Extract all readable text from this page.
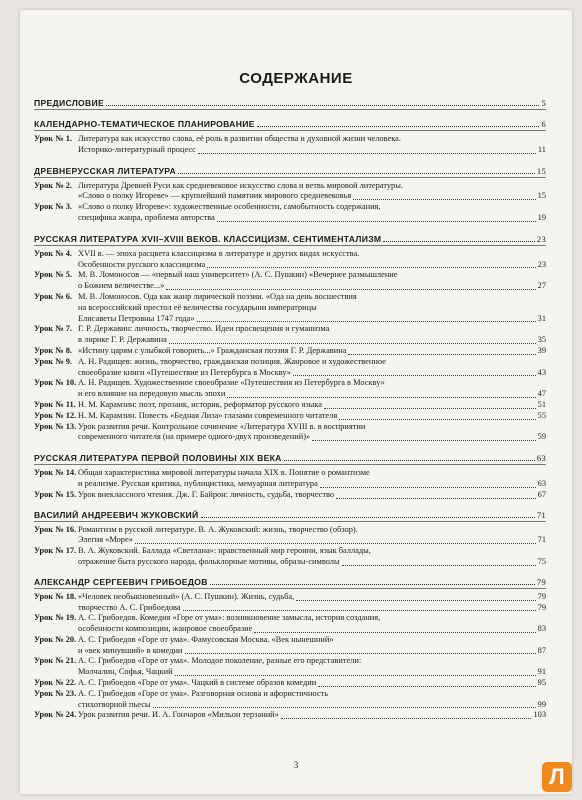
СОДЕРЖАНИЕ
ПРЕДИСЛОВИЕ	5
КАЛЕНДАРНО-ТЕМАТИЧЕСКОЕ ПЛАНИРОВАНИЕ	6
Урок № 1. Литература как искусство слова, её роль в развитии общества и духовной жизни человека.
Историко-литературный процесс	11
ДРЕВНЕРУССКАЯ ЛИТЕРАТУРА	15
Урок № 2. Литература Древней Руси как средневековое искусство слова и ветвь мировой литературы.
«Слово о полку Игореве» — крупнейший памятник мирового средневековья	15
Урок № 3. «Слово о полку Игореве»: художественные особенности, самобытность содержания,
специфика жанра, проблема авторства	19
РУССКАЯ ЛИТЕРАТУРА XVII–XVIII ВЕКОВ. КЛАССИЦИЗМ. СЕНТИМЕНТАЛИЗМ	23
Урок № 4. XVII в. — эпоха расцвета классицизма в литературе и других видах искусства.
Особенности русского классицизма	23
Урок № 5. М. В. Ломоносов — «первый наш университет» (А. С. Пушкин) «Вечернее размышление
о Божием величестве...»	27
Урок № 6. М. В. Ломоносов. Ода как жанр лирической поэзии. «Ода на день восшествия
на всероссийский престол её величества государыни императрицы
Елисаветы Петровны 1747 года»	31
Урок № 7. Г. Р. Державин: личность, творчество. Идеи просвещения и гуманизма
в лирике Г. Р. Державина	35
Урок № 8. «Истину царям с улыбкой говорить...» Гражданская поэзия Г. Р. Державина	39
Урок № 9. А. Н. Радищев: жизнь, творчество, гражданская позиция. Жанровое и художественное
своеобразие книги «Путешествие из Петербурга в Москву»	43
Урок № 10. А. Н. Радищев. Художественное своеобразие «Путешествия из Петербурга в Москву»
и его влияние на передовую мысль эпохи	47
Урок № 11. Н. М. Карамзин: поэт, прозаик, историк, реформатор русского языка	51
Урок № 12. Н. М. Карамзин. Повесть «Бедная Лиза» глазами современного читателя	55
Урок № 13. Урок развития речи. Контрольное сочинение «Литература XVIII в. в восприятии
современного читателя (на примере одного-двух произведений)»	59
РУССКАЯ ЛИТЕРАТУРА ПЕРВОЙ ПОЛОВИНЫ XIX ВЕКА	63
Урок № 14. Общая характеристика мировой литературы начала XIX в. Понятие о романтизме
и реализме. Русская критика, публицистика, мемуарная литература	63
Урок № 15. Урок внеклассного чтения. Дж. Г. Байрон: личность, судьба, творчество	67
ВАСИЛИЙ АНДРЕЕВИЧ ЖУКОВСКИЙ	71
Урок № 16. Романтизм в русской литературе. В. А. Жуковский: жизнь, творчество (обзор).
Элегия «Море»	71
Урок № 17. В. А. Жуковский. Баллада «Светлана»: нравственный мир героини, язык баллады,
отражение быта русского народа, фольклорные мотивы, образы-символы	75
АЛЕКСАНДР СЕРГЕЕВИЧ ГРИБОЕДОВ	79
Урок № 18. «Человек необыкновенный» (А. С. Пушкин). Жизнь, судьба,	79
творчество А. С. Грибоедова	79
Урок № 19. А. С. Грибоедов. Комедия «Горе от ума»: возникновение замысла, история создания,
особенности композиции, жанровое своеобразие	83
Урок № 20. А. С. Грибоедов «Горе от ума». Фамусовская Москва. «Век нынешний»
и «век минувший» в комедии	87
Урок № 21. А. С. Грибоедов «Горе от ума». Молодое поколение, разные его представители:
Молчалин, Софья, Чацкий	91
Урок № 22. А. С. Грибоедов «Горе от ума». Чацкий в системе образов комедии	95
Урок № 23. А. С. Грибоедов «Горе от ума». Разговорная основа и афористичность
стихотворной пьесы	99
Урок № 24. Урок развития речи. И. А. Гончаров «Мильон терзаний»	103
3	Л
